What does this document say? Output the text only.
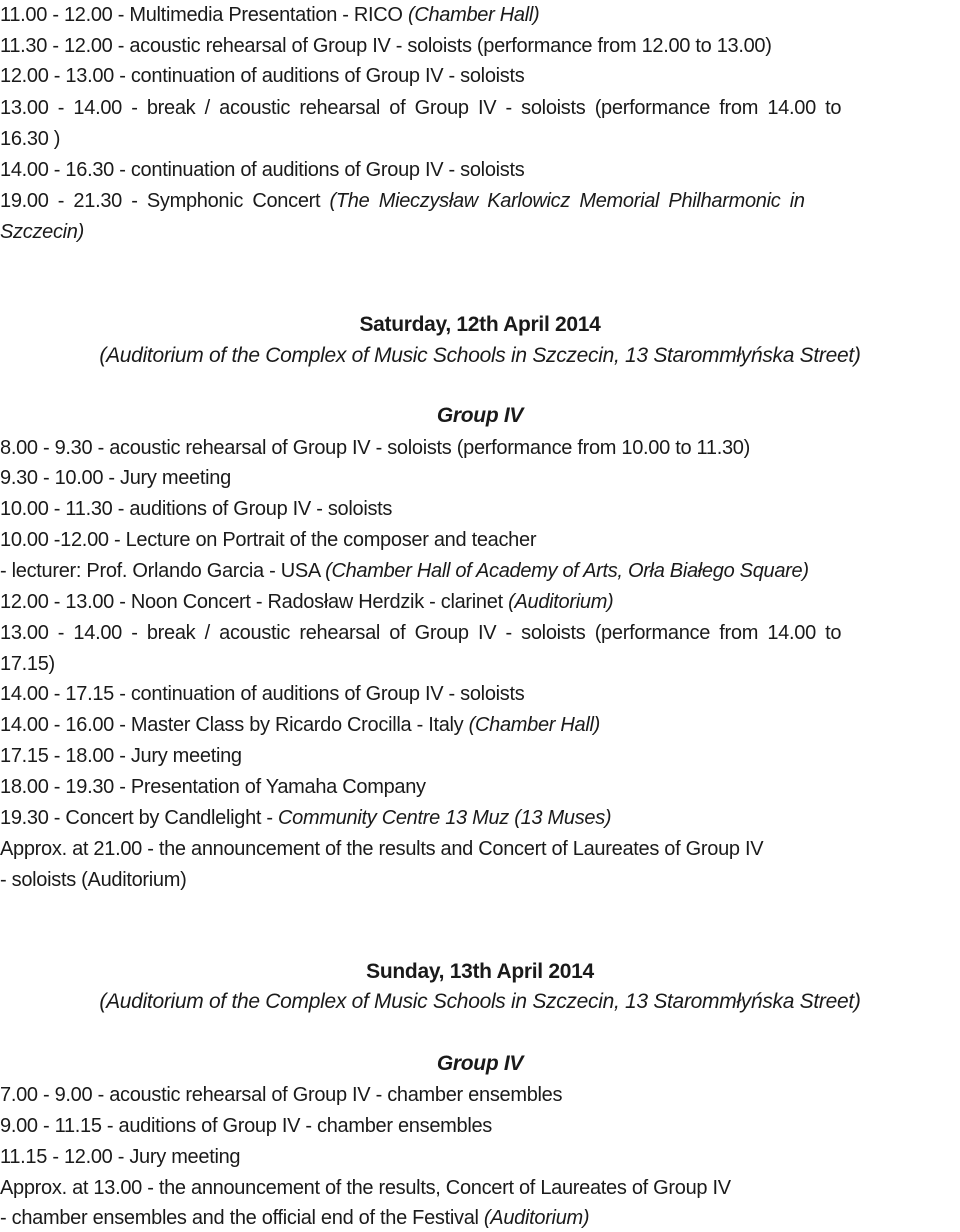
11.00 - 12.00 - Multimedia Presentation - RICO (Chamber Hall)
11.30 - 12.00 - acoustic rehearsal of Group IV - soloists (performance from 12.00 to 13.00)
12.00 - 13.00 - continuation of auditions of Group IV - soloists
13.00 - 14.00 - break / acoustic rehearsal of Group IV - soloists (performance from 14.00 to
16.30 )
14.00 - 16.30 - continuation of auditions of Group IV - soloists
19.00 - 21.30 - Symphonic Concert (The Mieczysław Karlowicz Memorial Philharmonic in
Szczecin)
Saturday, 12th April 2014
(Auditorium of the Complex of Music Schools in Szczecin, 13 Starommłyńska Street)
Group IV
8.00 - 9.30 - acoustic rehearsal of Group IV - soloists (performance from 10.00 to 11.30)
9.30 - 10.00 - Jury meeting
10.00 - 11.30 - auditions of Group IV - soloists
10.00 -12.00 - Lecture on Portrait of the composer and teacher
- lecturer: Prof. Orlando Garcia - USA (Chamber Hall of Academy of Arts, Orła Białego Square)
12.00 - 13.00 - Noon Concert - Radosław Herdzik - clarinet (Auditorium)
13.00 - 14.00 - break / acoustic rehearsal of Group IV - soloists (performance from 14.00 to
17.15)
14.00 - 17.15 - continuation of auditions of Group IV - soloists
14.00 - 16.00 - Master Class by Ricardo Crocilla - Italy (Chamber Hall)
17.15 - 18.00 - Jury meeting
18.00 - 19.30 - Presentation of Yamaha Company
19.30 - Concert by Candlelight - Community Centre 13 Muz (13 Muses)
Approx. at 21.00 - the announcement of the results and Concert of Laureates of Group IV
- soloists (Auditorium)
Sunday, 13th April 2014
(Auditorium of the Complex of Music Schools in Szczecin, 13 Starommłyńska Street)
Group IV
7.00 - 9.00 - acoustic rehearsal of Group IV - chamber ensembles
9.00 - 11.15 - auditions of Group IV - chamber ensembles
11.15 - 12.00 - Jury meeting
Approx. at 13.00 - the announcement of the results, Concert of Laureates of Group IV
- chamber ensembles and the official end of the Festival (Auditorium)
